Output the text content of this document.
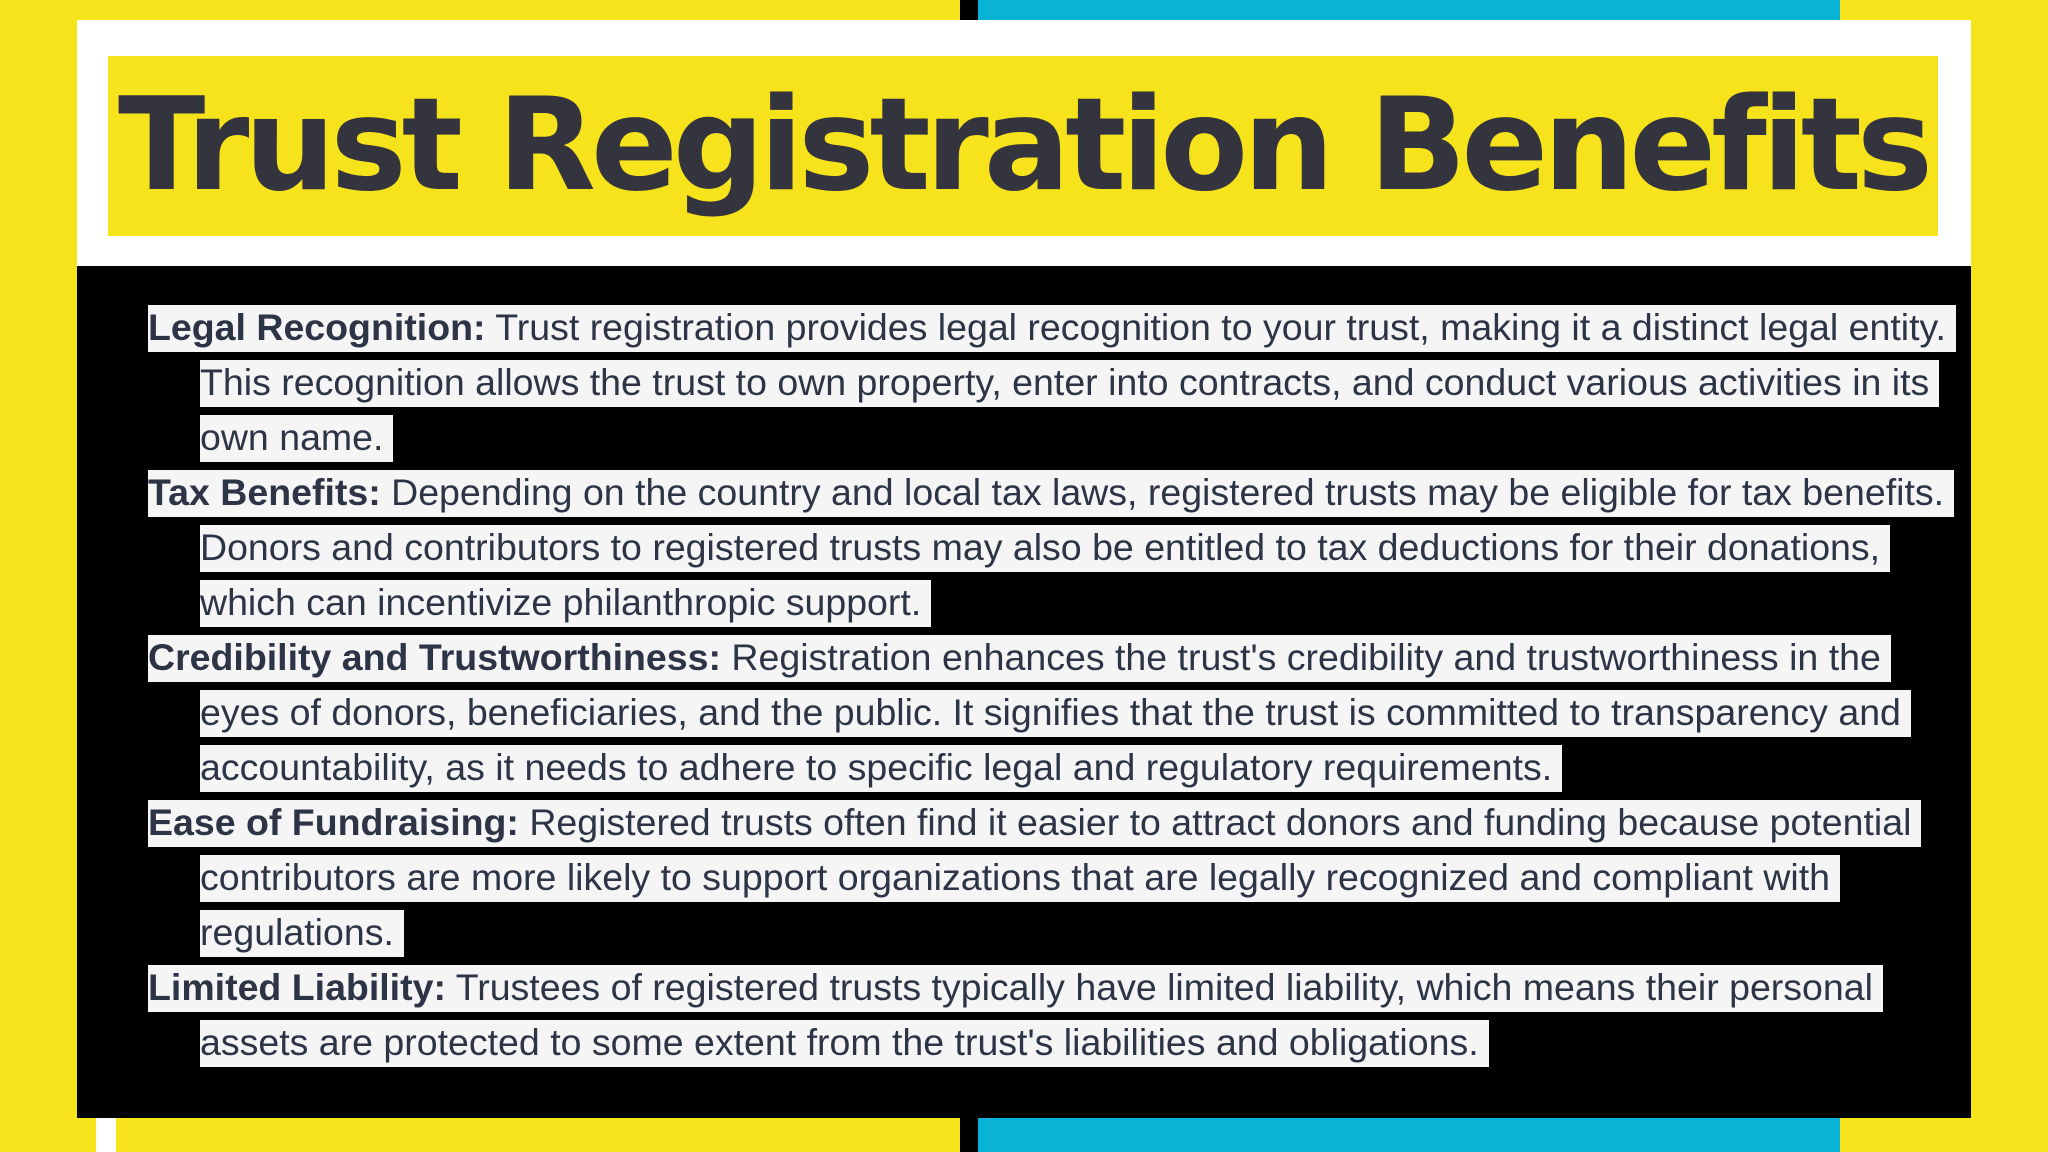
Trust Registration Benefits
Legal Recognition: Trust registration provides legal recognition to your trust, making it a distinct legal entity. This recognition allows the trust to own property, enter into contracts, and conduct various activities in its own name.
Tax Benefits: Depending on the country and local tax laws, registered trusts may be eligible for tax benefits. Donors and contributors to registered trusts may also be entitled to tax deductions for their donations, which can incentivize philanthropic support.
Credibility and Trustworthiness: Registration enhances the trust's credibility and trustworthiness in the eyes of donors, beneficiaries, and the public. It signifies that the trust is committed to transparency and accountability, as it needs to adhere to specific legal and regulatory requirements.
Ease of Fundraising: Registered trusts often find it easier to attract donors and funding because potential contributors are more likely to support organizations that are legally recognized and compliant with regulations.
Limited Liability: Trustees of registered trusts typically have limited liability, which means their personal assets are protected to some extent from the trust's liabilities and obligations.
